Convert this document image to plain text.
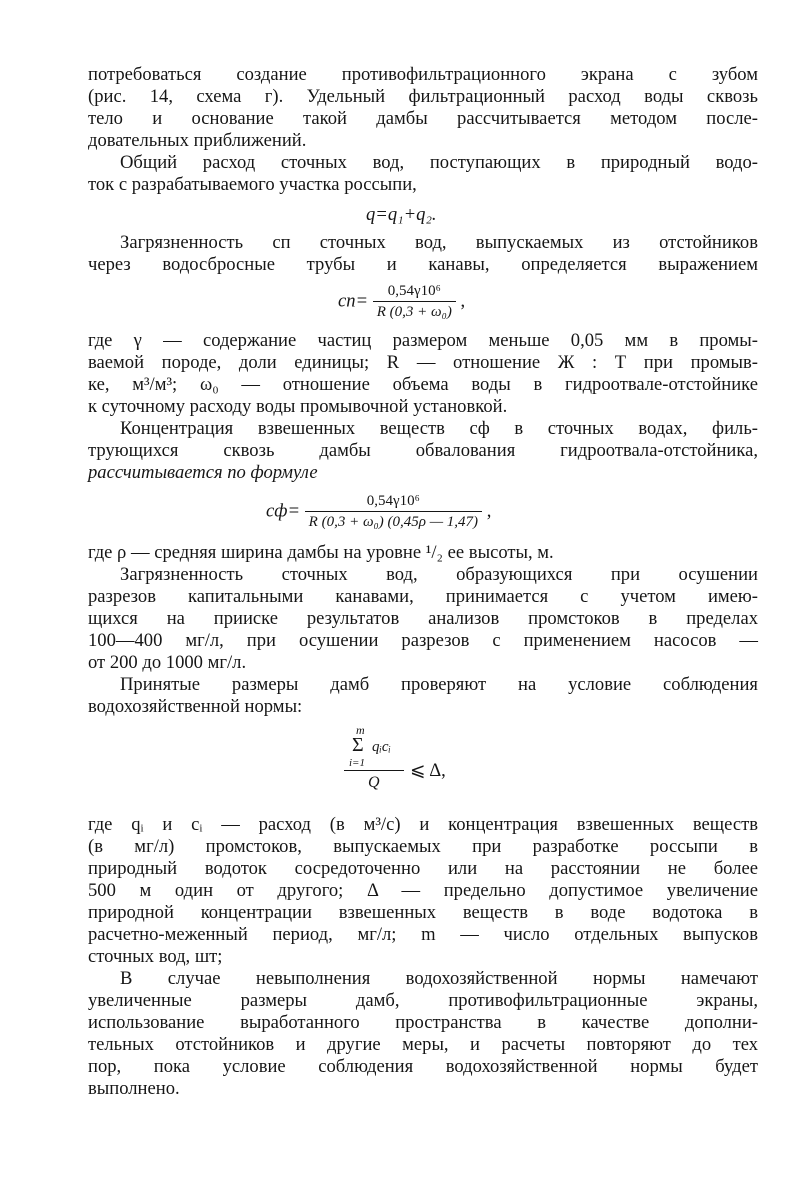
потребоваться создание противофильтрационного экрана с зубом
(рис. 14, схема г). Удельный фильтрационный расход воды сквозь
тело и основание такой дамбы рассчитывается методом после-
довательных приближений.
Общий расход сточных вод, поступающих в природный водо-
ток с разрабатываемого участка россыпи,
q=q₁+q₂.
Загрязненность cп сточных вод, выпускаемых из отстойников
через водосбросные трубы и канавы, определяется выражением
$cп= \frac{\text{0,54γ10⁶}}{\text{R (0,3 + ω₀)}}$ ,
где γ — содержание частиц размером меньше 0,05 мм в промы-
ваемой породе, доли единицы; R — отношение Ж : Т при промыв-
ке, м³/м³; ω₀ — отношение объема воды в гидроотвале-отстойнике
к суточному расходу воды промывочной установкой.
Концентрация взвешенных веществ cф в сточных водах, филь-
трующихся сквозь дамбы обвалования гидроотвала-отстойника,
рассчитывается по формуле
$cф= \frac{\text{0,54γ10⁶}}{\text{R (0,3 + ω₀) (0,45ρ — 1,47)}}$ ,
где ρ — средняя ширина дамбы на уровне ¹/₂ ее высоты, м.
Загрязненность сточных вод, образующихся при осушении
разрезов капитальными канавами, принимается с учетом имею-
щихся на прииске результатов анализов промстоков в пределах
100—400 мг/л, при осушении разрезов с применением насосов —
от 200 до 1000 мг/л.
Принятые размеры дамб проверяют на условие соблюдения
водохозяйственной нормы:
m
Σ qᵢcᵢ
i=1
Q
⩽ Δ,
где qᵢ и cᵢ — расход (в м³/с) и концентрация взвешенных веществ
(в мг/л) промстоков, выпускаемых при разработке россыпи в
природный водоток сосредоточенно или на расстоянии не более
500 м один от другого; Δ — предельно допустимое увеличение
природной концентрации взвешенных веществ в воде водотока в
расчетно-меженный период, мг/л; m — число отдельных выпусков
сточных вод, шт;
В случае невыполнения водохозяйственной нормы намечают
увеличенные размеры дамб, противофильтрационные экраны,
использование выработанного пространства в качестве дополни-
тельных отстойников и другие меры, и расчеты повторяют до тех
пор, пока условие соблюдения водохозяйственной нормы будет
выполнено.
